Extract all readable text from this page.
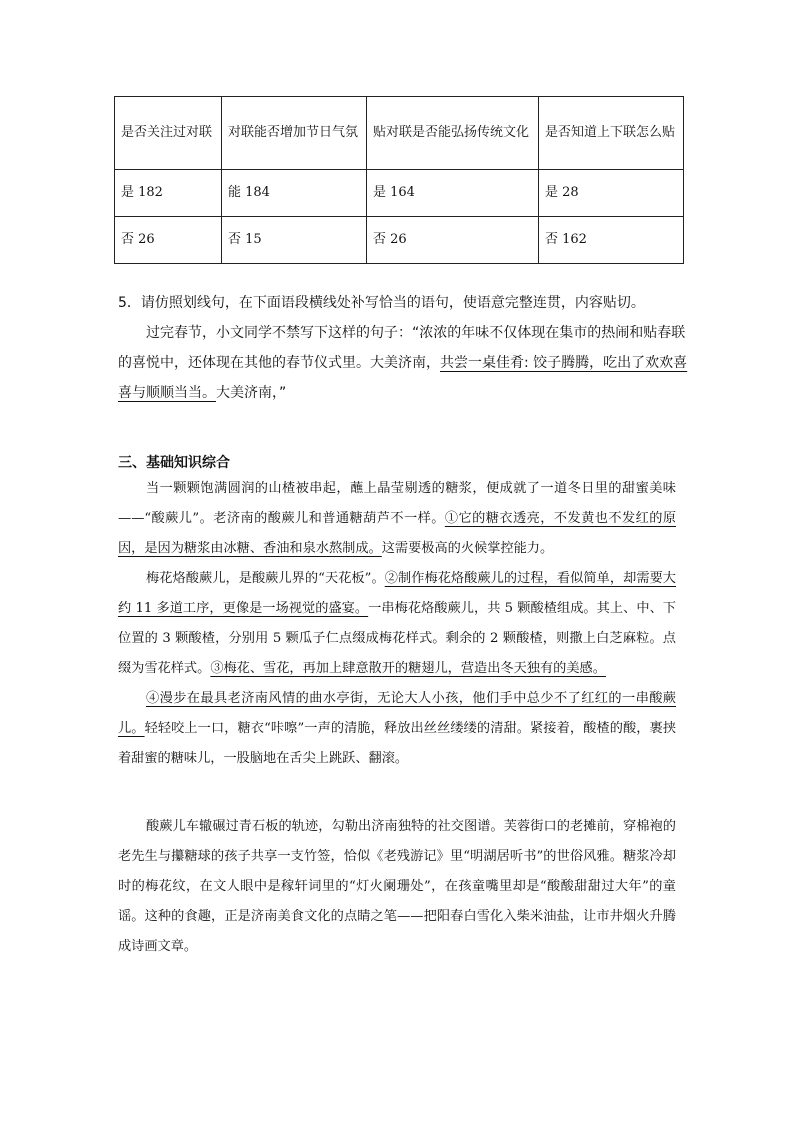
是否关注过对联	对联能否增加节日气氛	贴对联是否能弘扬传统文化	是否知道上下联怎么贴
是 182	能 184	是 164	是 28
否 26	否 15	否 26	否 162

5．请仿照划线句，在下面语段横线处补写恰当的语句，使语意完整连贯，内容贴切。

过完春节，小文同学不禁写下这样的句子：“浓浓的年味不仅体现在集市的热闹和贴春联的喜悦中，还体现在其他的春节仪式里。大美济南，共尝一桌佳肴: 饺子腾腾，吃出了欢欢喜喜与顺顺当当。大美济南，”

三、基础知识综合

当一颗颗饱满圆润的山楂被串起，蘸上晶莹剔透的糖浆，便成就了一道冬日里的甜蜜美味——“酸蕨儿”。老济南的酸蕨儿和普通糖葫芦不一样。①它的糖衣透亮，不发黄也不发红的原因，是因为糖浆由冰糖、香油和泉水熬制成。这需要极高的火候掌控能力。

梅花烙酸蕨儿，是酸蕨儿界的“天花板”。②制作梅花烙酸蕨儿的过程，看似简单，却需要大约 11 多道工序，更像是一场视觉的盛宴。一串梅花烙酸蕨儿，共 5 颗酸楂组成。其上、中、下位置的 3 颗酸楂，分别用 5 颗瓜子仁点缀成梅花样式。剩余的 2 颗酸楂，则撒上白芝麻粒。点缀为雪花样式。③梅花、雪花，再加上肆意散开的糖翅儿，营造出冬天独有的美感。

④漫步在最具老济南风情的曲水亭街，无论大人小孩，他们手中总少不了红红的一串酸蕨儿。轻轻咬上一口，糖衣“咔嚓”一声的清脆，释放出丝丝缕缕的清甜。紧接着，酸楂的酸，裹挟着甜蜜的糖味儿，一股脑地在舌尖上跳跃、翻滚。

酸蕨儿车辙碾过青石板的轨迹，勾勒出济南独特的社交图谱。芙蓉街口的老摊前，穿棉袍的老先生与攥糖球的孩子共享一支竹签，恰似《老残游记》里“明湖居听书”的世俗风雅。糖浆冷却时的梅花纹，在文人眼中是稼轩词里的“灯火阑珊处”，在孩童嘴里却是“酸酸甜甜过大年”的童谣。这种的食趣，正是济南美食文化的点睛之笔——把阳春白雪化入柴米油盐，让市井烟火升腾成诗画文章。
